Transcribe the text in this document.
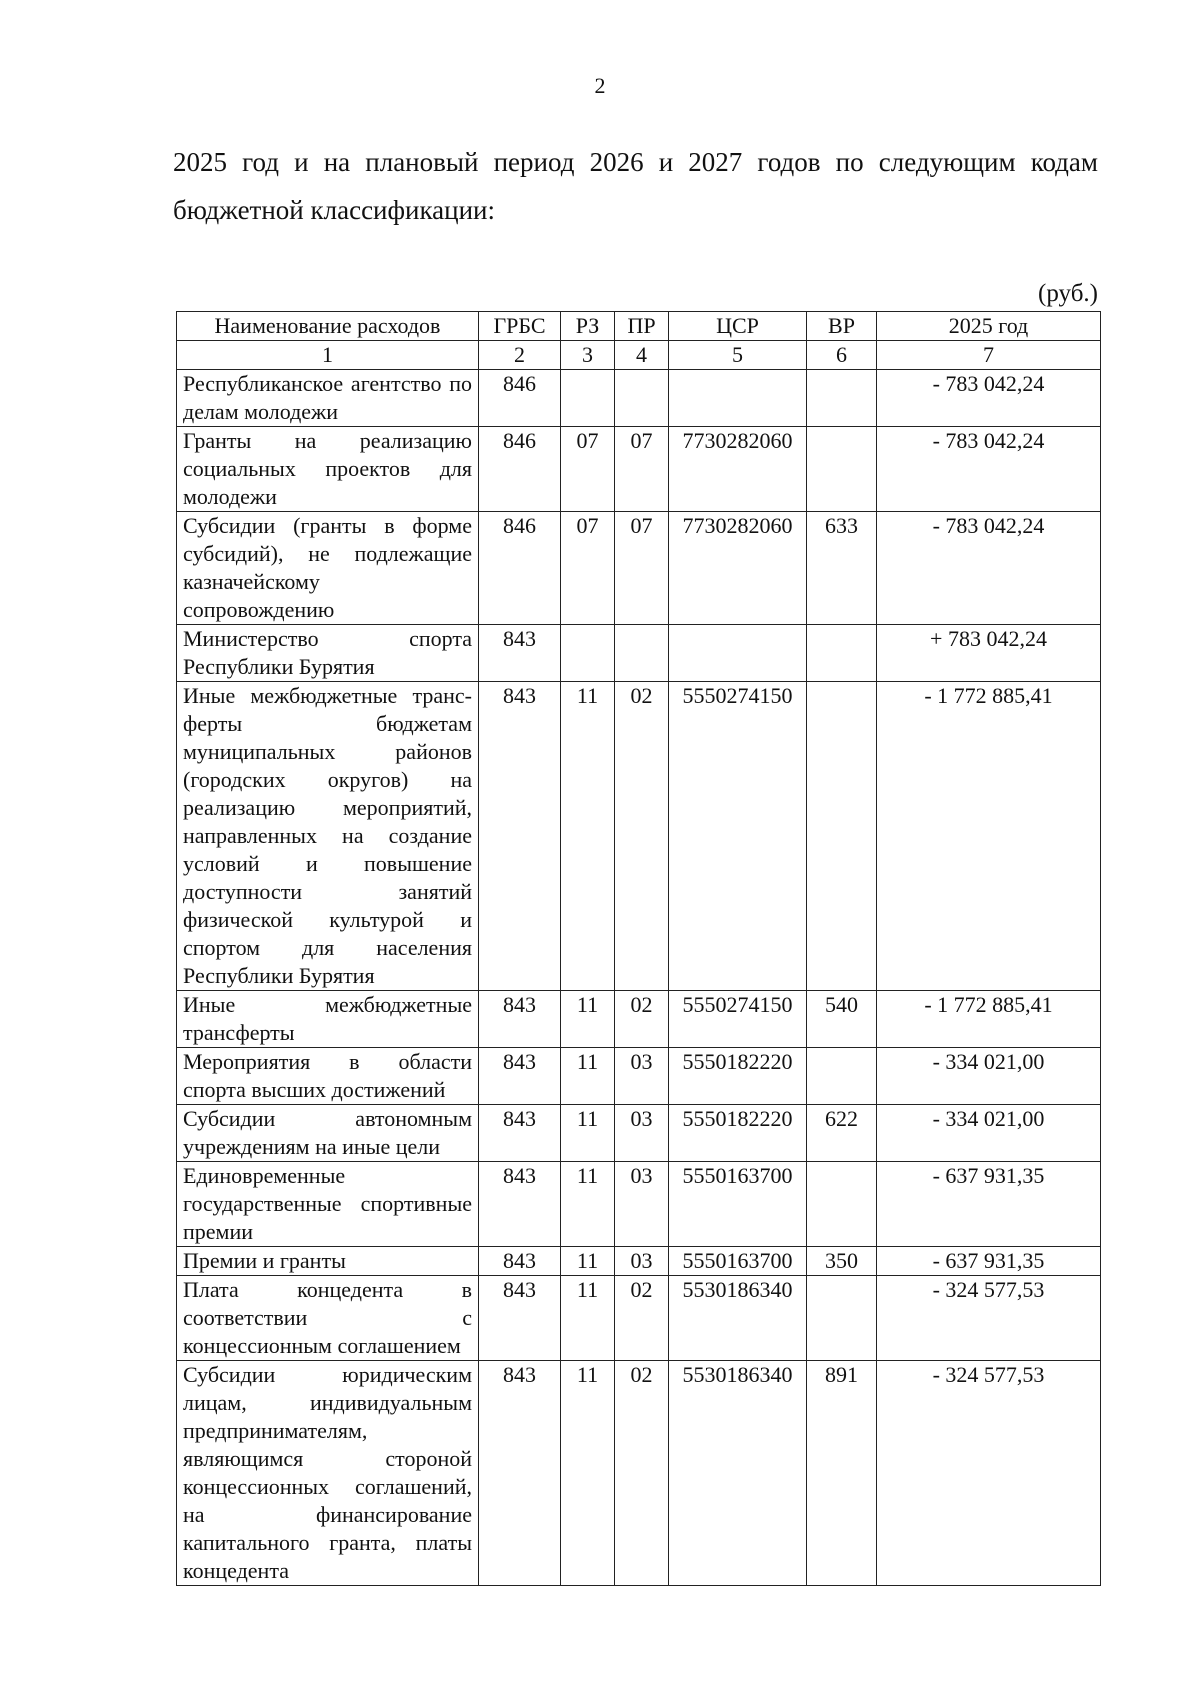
2

2025 год и на плановый период 2026 и 2027 годов по следующим кодам бюджетной классификации:

(руб.)
Наименование расходов	ГРБС	РЗ	ПР	ЦСР	ВР	2025 год
1	2	3	4	5	6	7
Республиканское агентство по делам молодежи	846					- 783 042,24
Гранты на реализацию социальных проектов для молодежи	846	07	07	7730282060		- 783 042,24
Субсидии (гранты в форме субсидий), не подлежащие казначейскому сопровождению	846	07	07	7730282060	633	- 783 042,24
Министерство спорта Республики Бурятия	843					+ 783 042,24
Иные межбюджетные транс-ферты бюджетам муниципальных районов (городских округов) на реализацию мероприятий, направленных на создание условий и повышение доступности занятий физической культурой и спортом для населения Республики Бурятия	843	11	02	5550274150		- 1 772 885,41
Иные межбюджетные трансферты	843	11	02	5550274150	540	- 1 772 885,41
Мероприятия в области спорта высших достижений	843	11	03	5550182220		- 334 021,00
Субсидии автономным учреждениям на иные цели	843	11	03	5550182220	622	- 334 021,00
Единовременные государственные спортивные премии	843	11	03	5550163700		- 637 931,35
Премии и гранты	843	11	03	5550163700	350	- 637 931,35
Плата концедента в соответствии с концессионным соглашением	843	11	02	5530186340		- 324 577,53
Субсидии юридическим лицам, индивидуальным предпринимателям, являющимся стороной концессионных соглашений, на финансирование капитального гранта, платы концедента	843	11	02	5530186340	891	- 324 577,53
